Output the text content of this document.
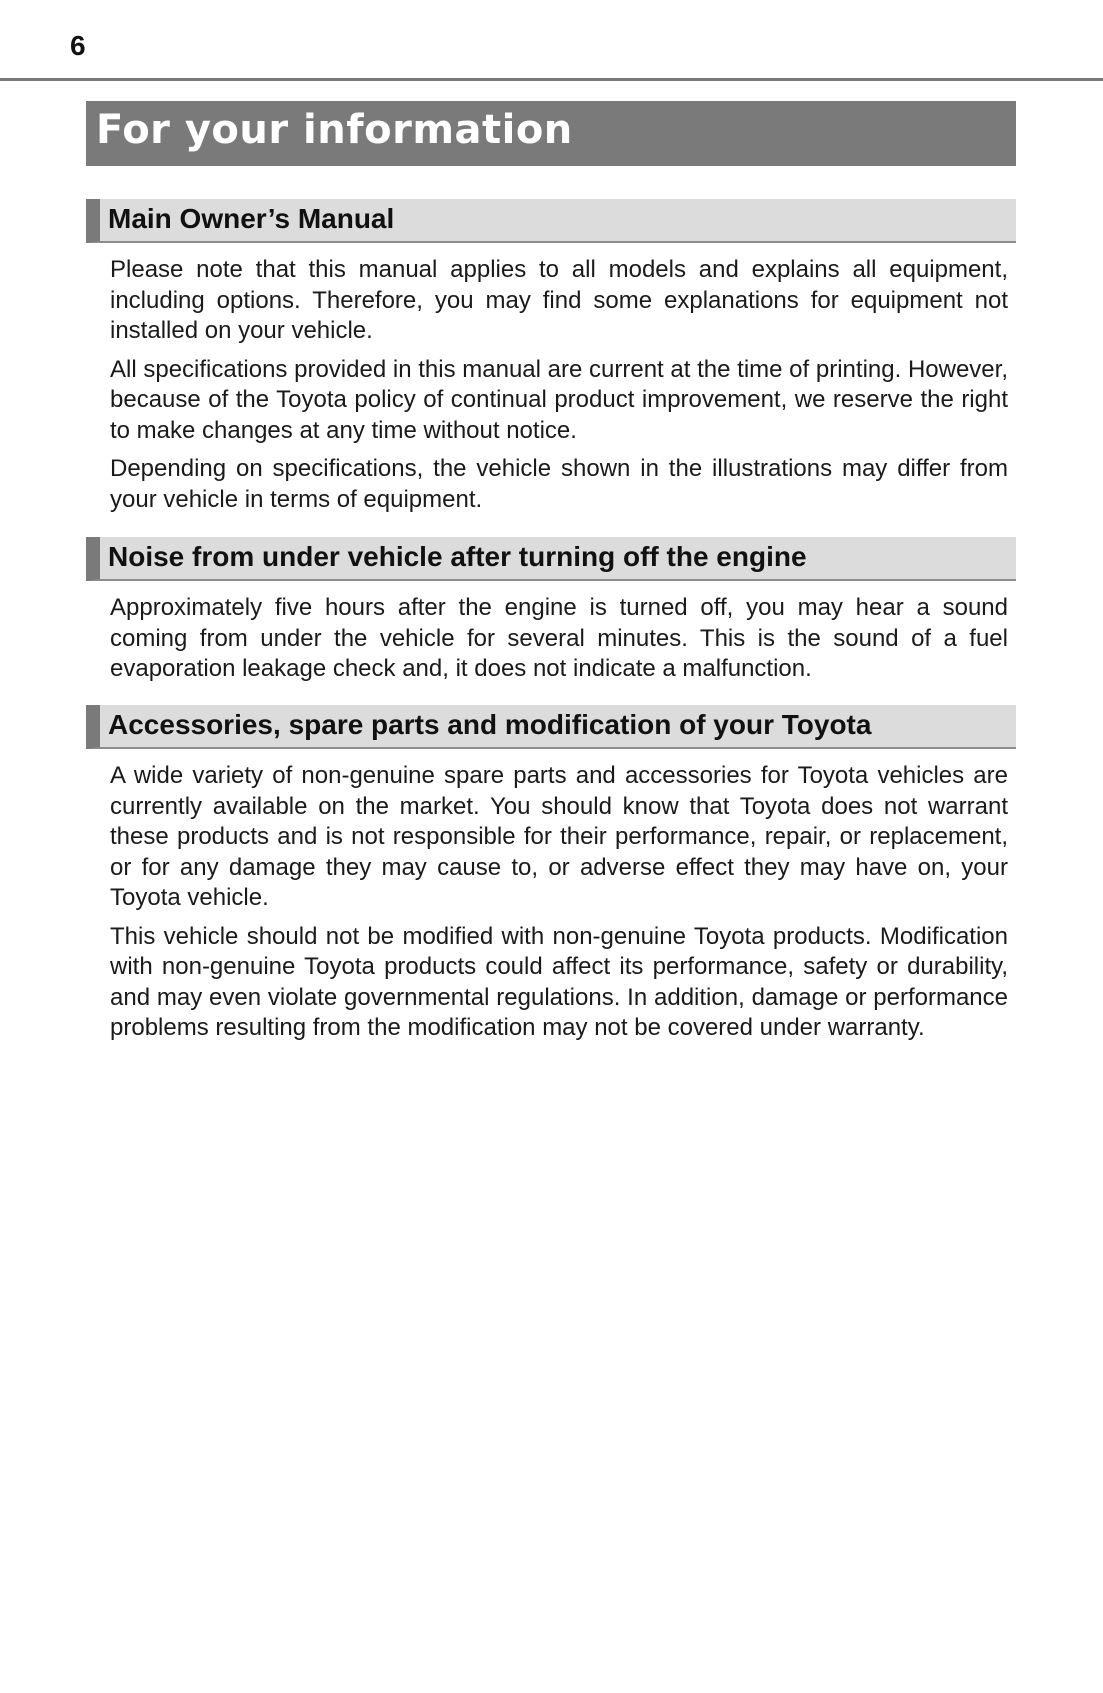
6
For your information
Main Owner’s Manual

Please note that this manual applies to all models and explains all equipment, including options. Therefore, you may find some explanations for equipment not installed on your vehicle.

All specifications provided in this manual are current at the time of printing. However, because of the Toyota policy of continual product improvement, we reserve the right to make changes at any time without notice.

Depending on specifications, the vehicle shown in the illustrations may differ from your vehicle in terms of equipment.

Noise from under vehicle after turning off the engine

Approximately five hours after the engine is turned off, you may hear a sound coming from under the vehicle for several minutes. This is the sound of a fuel evaporation leakage check and, it does not indicate a malfunction.

Accessories, spare parts and modification of your Toyota

A wide variety of non-genuine spare parts and accessories for Toyota vehicles are currently available on the market. You should know that Toyota does not warrant these products and is not responsible for their performance, repair, or replacement, or for any damage they may cause to, or adverse effect they may have on, your Toyota vehicle.

This vehicle should not be modified with non-genuine Toyota products. Modification with non-genuine Toyota products could affect its performance, safety or durability, and may even violate governmental regulations. In addition, damage or performance problems resulting from the modification may not be covered under warranty.
